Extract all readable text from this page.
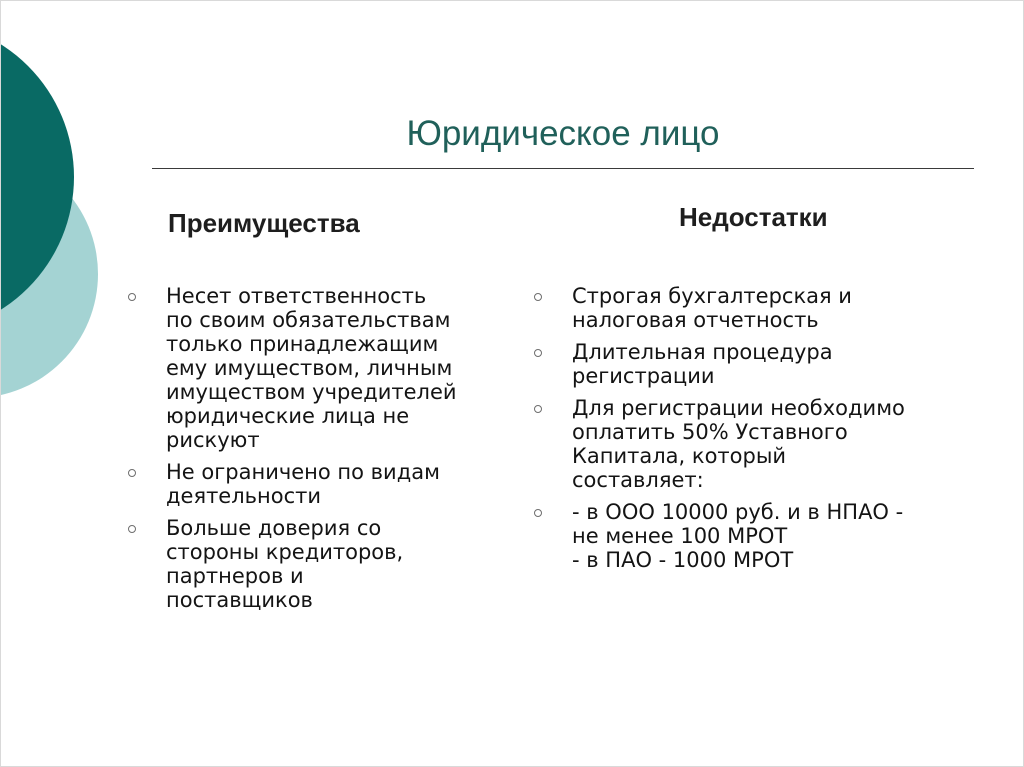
Юридическое лицо
Преимущества	Недостатки
Несет ответственность
по своим обязательствам
только принадлежащим
ему имуществом, личным
имуществом учредителей
юридические лица не
рискуют
Не ограничено по видам
деятельности
Больше доверия со
стороны кредиторов,
партнеров и
поставщиков
Строгая бухгалтерская и
налоговая отчетность
Длительная процедура
регистрации
Для регистрации необходимо
оплатить 50% Уставного
Капитала, который
составляет:
- в ООО 10000 руб. и в НПАО -
не менее 100 МРОТ
- в ПАО - 1000 МРОТ
